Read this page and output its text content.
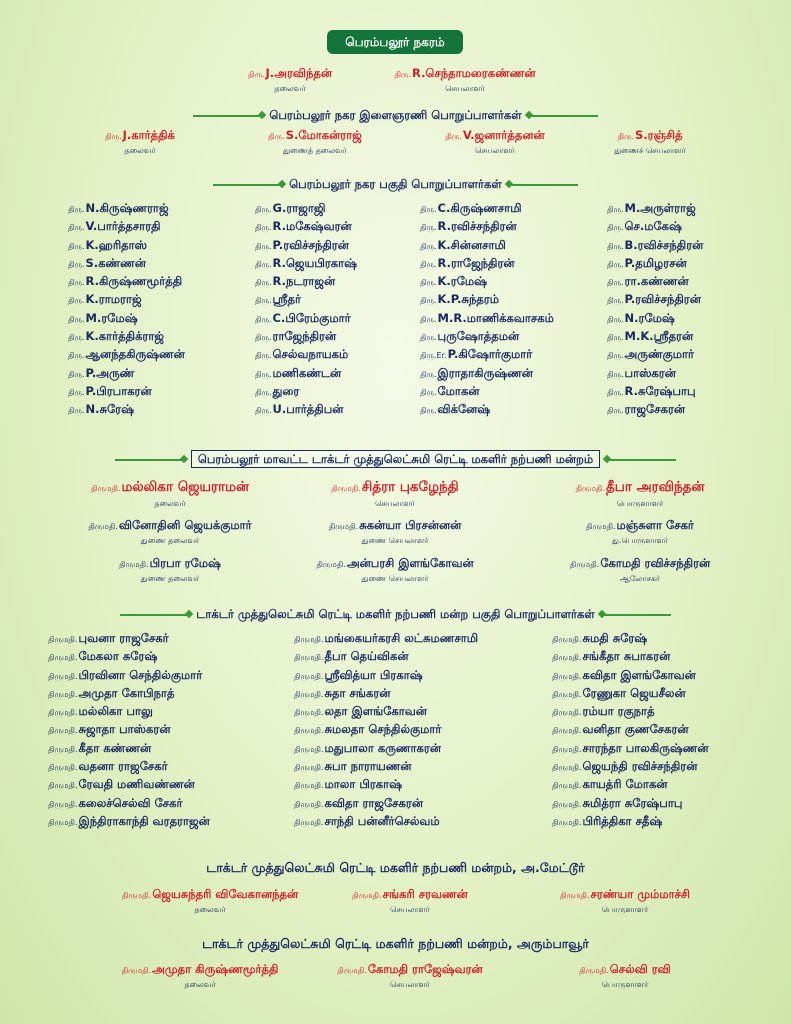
பெரம்பலூர் நகரம்
திரு.J.அரவிந்தன்
தலைவர்
திரு.R.செந்தாமரைகண்ணன்
செயலாளர்
பெரம்பலூர் நகர இளைஞரணி பொறுப்பாளர்கள்
திரு.J.கார்த்திக்
தலைவர்
திரு.S.மோகன்ராஜ்
துணைத் தலைவர்
திரு.V.ஜனார்த்தனன்
செயலாளர்
திரு.S.ரஞ்சித்
துணைச் செயலாளர்
பெரம்பலூர் நகர பகுதி பொறுப்பாளர்கள்
திரு.N.கிருஷ்ணராஜ்
திரு.V.பார்த்தசாரதி
திரு.K.ஹரிதாஸ்
திரு.S.கண்ணன்
திரு.R.கிருஷ்ணமூர்த்தி
திரு.K.ராமராஜ்
திரு.M.ரமேஷ்
திரு.K.கார்த்திக்ராஜ்
திரு.ஆனந்தகிருஷ்ணன்
திரு.P.அருண்
திரு.P.பிரபாகரன்
திரு.N.சுரேஷ்
திரு.G.ராஜாஜி
திரு.R.மகேஷ்வரன்
திரு.P.ரவிச்சந்திரன்
திரு.R.ஜெயபிரகாஷ்
திரு.R.நடராஜன்
திரு.ஸ்ரீதர்
திரு.C.பிரேம்குமார்
திரு.ராஜேந்திரன்
திரு.செல்வநாயகம்
திரு.மணிகண்டன்
திரு.துரை
திரு.U.பார்த்திபன்
திரு.C.கிருஷ்ணசாமி
திரு.R.ரவிச்சந்திரன்
திரு.K.சின்னசாமி
திரு.R.ராஜேந்திரன்
திரு.K.ரமேஷ்
திரு.K.P.சுந்தரம்
திரு.M.R.மாணிக்கவாசகம்
திரு.புருஷோத்தமன்
திரு.Er.P.கிஷோர்குமார்
திரு.இராதாகிருஷ்ணன்
திரு.மோகன்
திரு.விக்னேஷ்
திரு.M.அருள்ராஜ்
திரு.செ.மகேஷ்
திரு.B.ரவிச்சந்திரன்
திரு.P.தமிழரசன்
திரு.ரா.கண்ணன்
திரு.P.ரவிச்சந்திரன்
திரு.N.ரமேஷ்
திரு.M.K.ஸ்ரீதரன்
திரு.அருண்குமார்
திரு.பாஸ்கரன்
திரு.R.சுரேஷ்பாபு
திரு.ராஜசேகரன்
பெரம்பலூர் மாவட்ட டாக்டர் முத்துலெட்சுமி ரெட்டி மகளிர் நற்பணி மன்றம்
திருமதி.மல்லிகா ஜெயராமன்
தலைவர்
திருமதி.சித்ரா புகழேந்தி
செயலாளர்
திருமதி.தீபா அரவிந்தன்
பொருளாளர்
திருமதி.வினோதினி ஜெயக்குமார்
துணை தலைவர்
திருமதி.சுகன்யா பிரசன்னன்
துணை செயலாளர்
திருமதி.மஞ்சுளா சேகர்
து.பொருளாளர்
திருமதி.பிரபா ரமேஷ்
துணை தலைவர்
திருமதி.அன்பரசி இளங்கோவன்
துணை செயலாளர்
திருமதி.கோமதி ரவிச்சந்திரன்
ஆலோசகர்
டாக்டர் முத்துலெட்சுமி ரெட்டி மகளிர் நற்பணி மன்ற பகுதி பொறுப்பாளர்கள்
திருமதி.புவனா ராஜசேகர்
திருமதி.மேகலா சுரேஷ்
திருமதி.பிரவினா செந்தில்குமார்
திருமதி.அமுதா கோபிநாத்
திருமதி.மல்லிகா பாலு
திருமதி.சுஜாதா பாஸ்கரன்
திருமதி.கீதா கண்ணன்
திருமதி.வதனா ராஜசேகர்
திருமதி.ரேவதி மணிவண்ணன்
திருமதி.கலைச்செல்வி சேகர்
திருமதி.இந்திராகாந்தி வரதராஜன்
திருமதி.மங்கையர்கரசி லட்சுமணசாமி
திருமதி.தீபா தெய்விகன்
திருமதி.ஸ்ரீவித்யா பிரகாஷ்
திருமதி.சுதா சங்கரன்
திருமதி.லதா இளங்கோவன்
திருமதி.சுமலதா செந்தில்குமார்
திருமதி.மதுபாலா கருணாகரன்
திருமதி.சுபா நாராயணன்
திருமதி.மாலா பிரகாஷ்
திருமதி.கவிதா ராஜசேகரன்
திருமதி.சாந்தி பன்னீர்செல்வம்
திருமதி.சுமதி சுரேஷ்
திருமதி.சங்கீதா சுபாகரன்
திருமதி.கவிதா இளங்கோவன்
திருமதி.ரேணுகா ஜெயசீலன்
திருமதி.ரம்யா ரகுநாத்
திருமதி.வனிதா குணசேகரன்
திருமதி.சாரந்தா பாலகிருஷ்ணன்
திருமதி.ஜெயந்தி ரவிச்சந்திரன்
திருமதி.காயத்ரி மோகன்
திருமதி.சுமித்ரா சுரேஷ்பாபு
திருமதி.பிரித்திகா சதீஷ்
டாக்டர் முத்துலெட்சுமி ரெட்டி மகளிர் நற்பணி மன்றம், அ.மேட்டூர்
திருமதி.ஜெயசுந்தரி விவேகானந்தன்
தலைவர்
திருமதி.சங்கரி சரவணன்
செயலாளர்
திருமதி.சரண்யா மும்மாச்சி
பொருளாளர்
டாக்டர் முத்துலெட்சுமி ரெட்டி மகளிர் நற்பணி மன்றம், அரும்பாவூர்
திருமதி.அமுதா கிருஷ்ணமூர்த்தி
தலைவர்
திருமதி.கோமதி ராஜேஷ்வரன்
செயலாளர்
திருமதி.செல்வி ரவி
பொருளாளர்
